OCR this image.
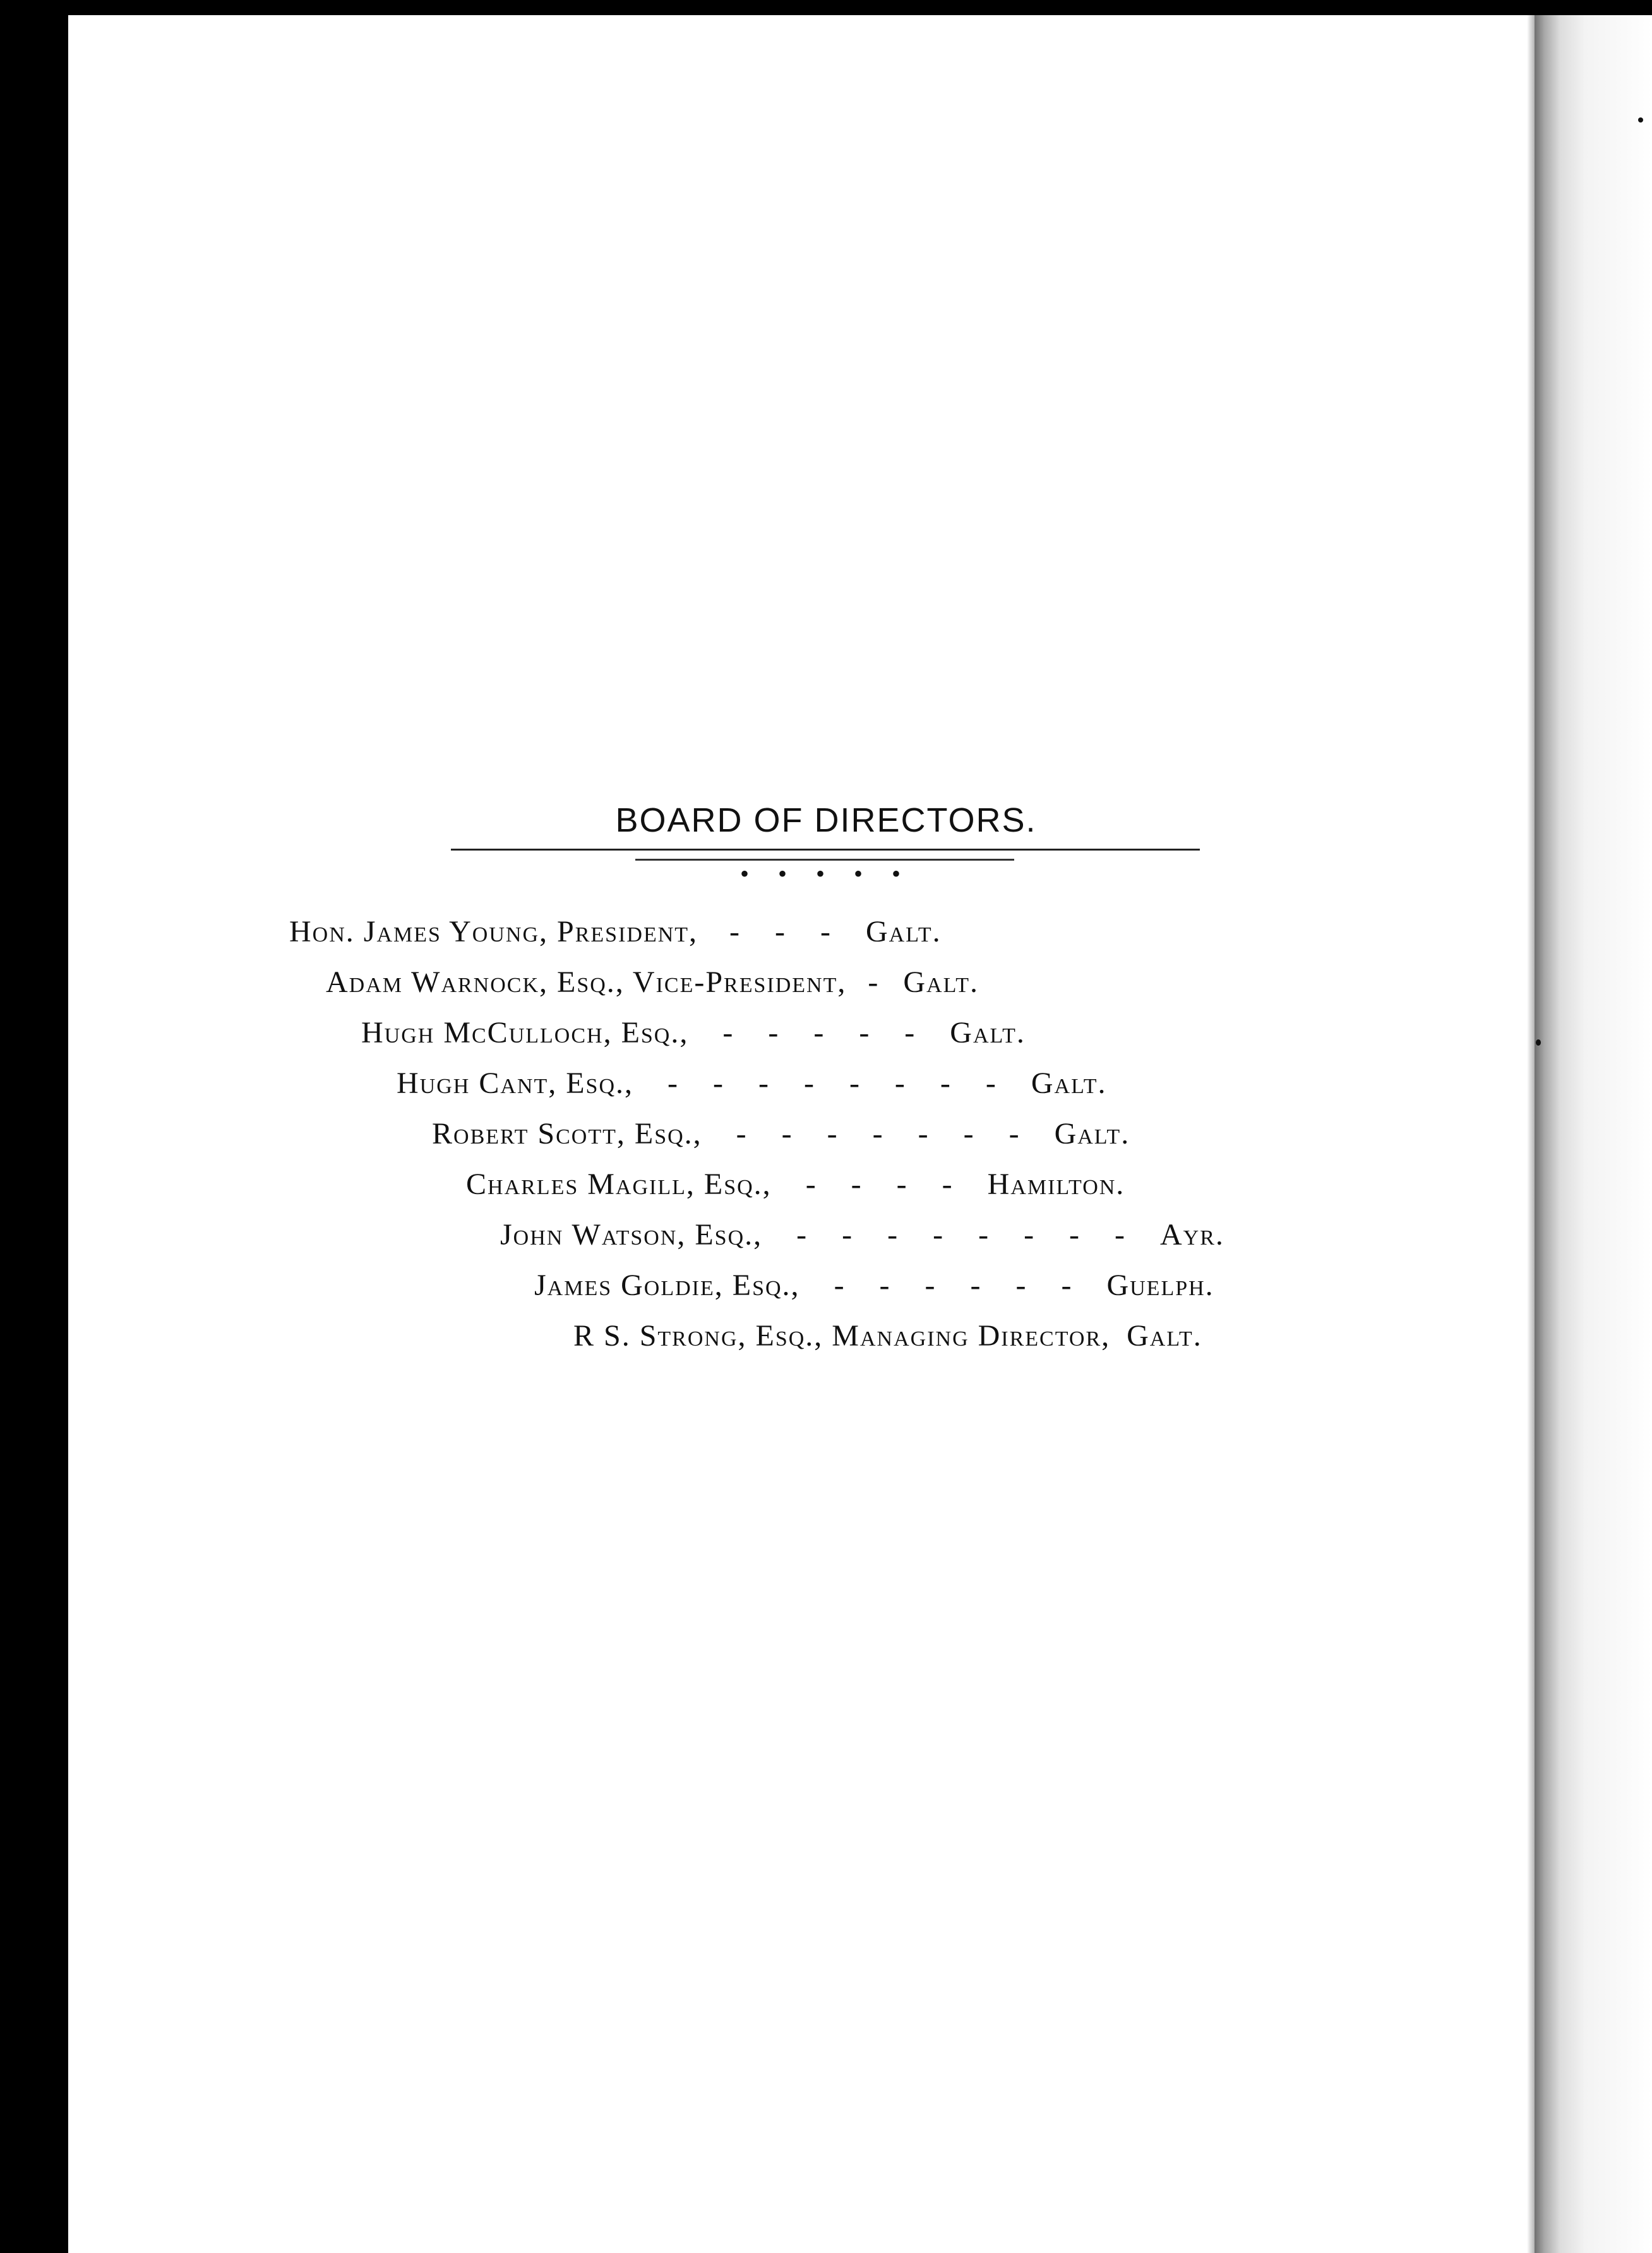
BOARD OF DIRECTORS.
• • • • •
Hon. James Young, President, - - - Galt.
Adam Warnock, Esq., Vice-President, - Galt.
Hugh McCulloch, Esq., - - - - - Galt.
Hugh Cant, Esq., - - - - - - - - Galt.
Robert Scott, Esq., - - - - - - - Galt.
Charles Magill, Esq., - - - - Hamilton.
John Watson, Esq., - - - - - - - - Ayr.
James Goldie, Esq., - - - - - - Guelph.
R S. Strong, Esq., Managing Director, Galt.
